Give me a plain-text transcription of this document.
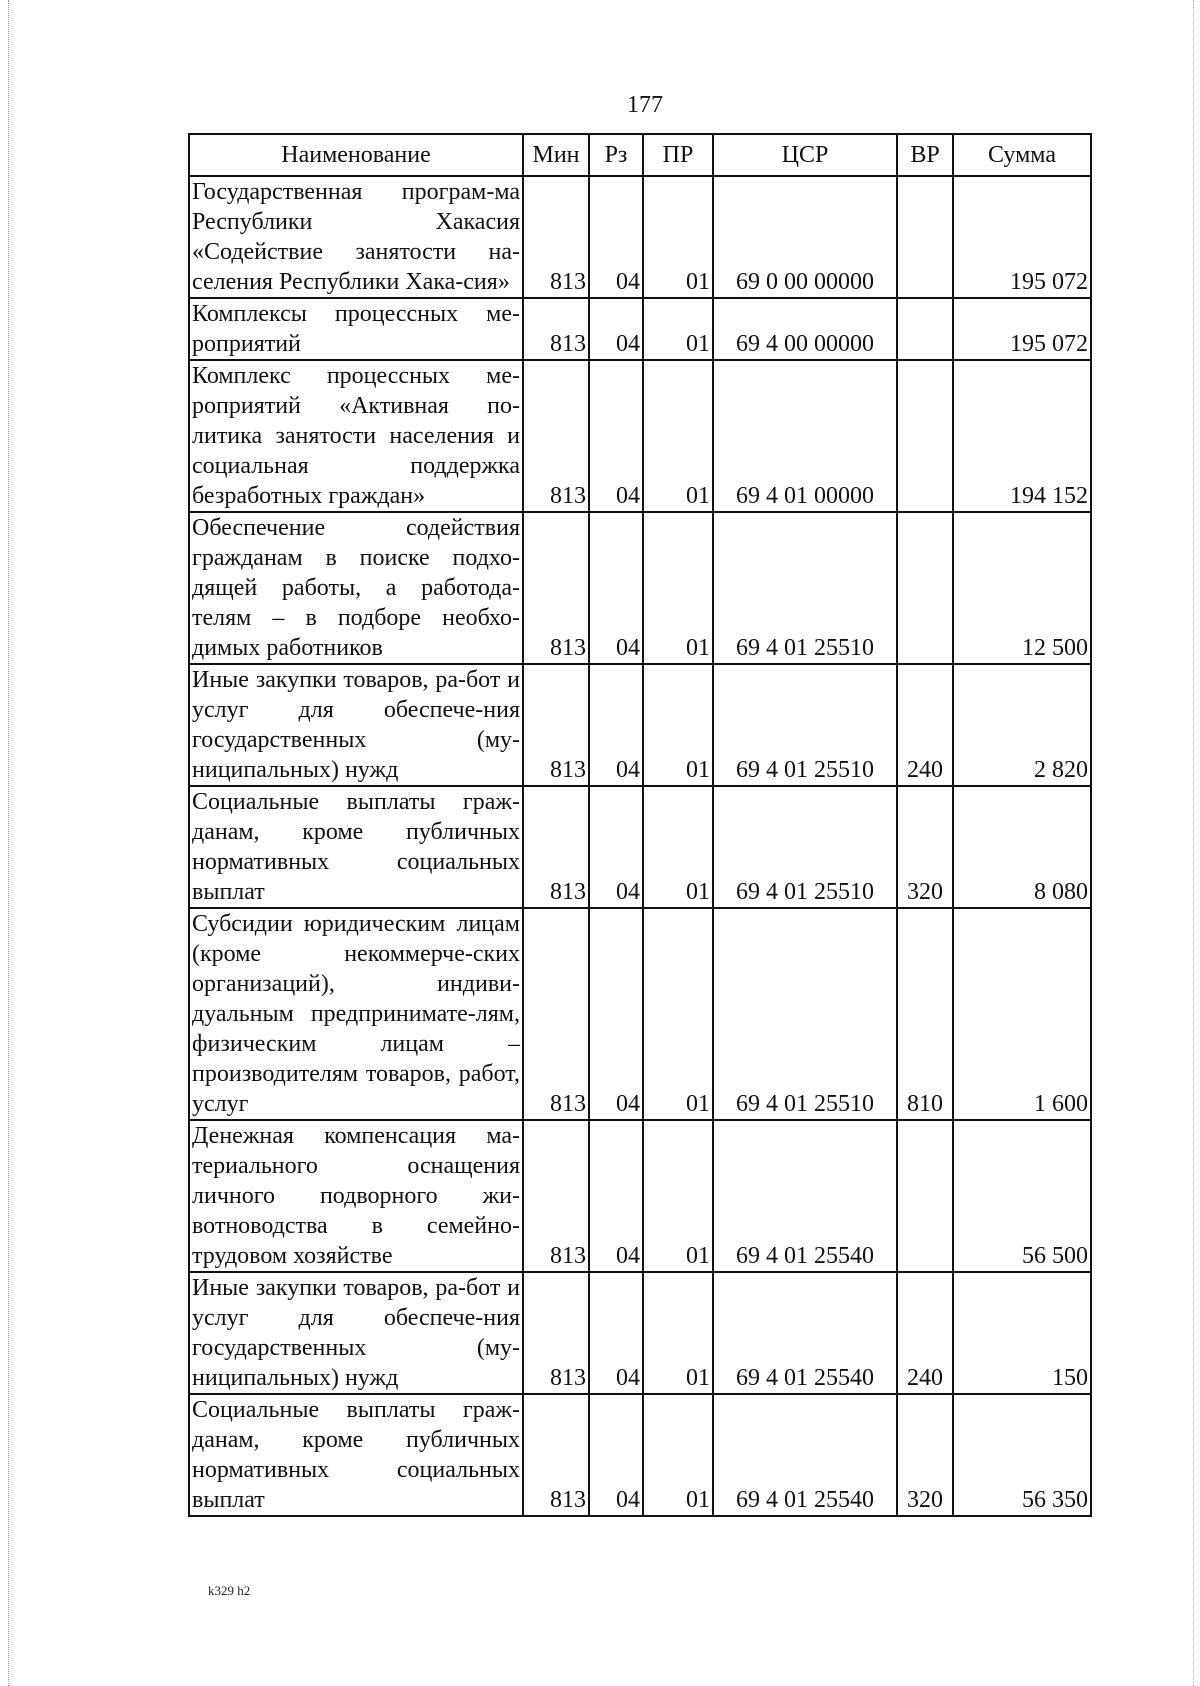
177
Наименование	Мин	Рз	ПР	ЦСР	ВР	Сумма
Государственная програм-ма Республики Хакасия «Содействие занятости на-селения Республики Хака-сия»	813	04	01	69 0 00 00000		195 072
Комплексы процессных ме-роприятий	813	04	01	69 4 00 00000		195 072
Комплекс процессных ме-роприятий «Активная по-литика занятости населения и социальная поддержка безработных граждан»	813	04	01	69 4 01 00000		194 152
Обеспечение содействия гражданам в поиске подхо-дящей работы, а работода-телям – в подборе необхо-димых работников	813	04	01	69 4 01 25510		12 500
Иные закупки товаров, ра-бот и услуг для обеспече-ния государственных (му-ниципальных) нужд	813	04	01	69 4 01 25510	240	2 820
Социальные выплаты граж-данам, кроме публичных нормативных социальных выплат	813	04	01	69 4 01 25510	320	8 080
Субсидии юридическим лицам (кроме некоммерче-ских организаций), индиви-дуальным предпринимате-лям, физическим лицам – производителям товаров, работ, услуг	813	04	01	69 4 01 25510	810	1 600
Денежная компенсация ма-териального оснащения личного подворного жи-вотноводства в семейно-трудовом хозяйстве	813	04	01	69 4 01 25540		56 500
Иные закупки товаров, ра-бот и услуг для обеспече-ния государственных (му-ниципальных) нужд	813	04	01	69 4 01 25540	240	150
Социальные выплаты граж-данам, кроме публичных нормативных социальных выплат	813	04	01	69 4 01 25540	320	56 350
k329 h2
